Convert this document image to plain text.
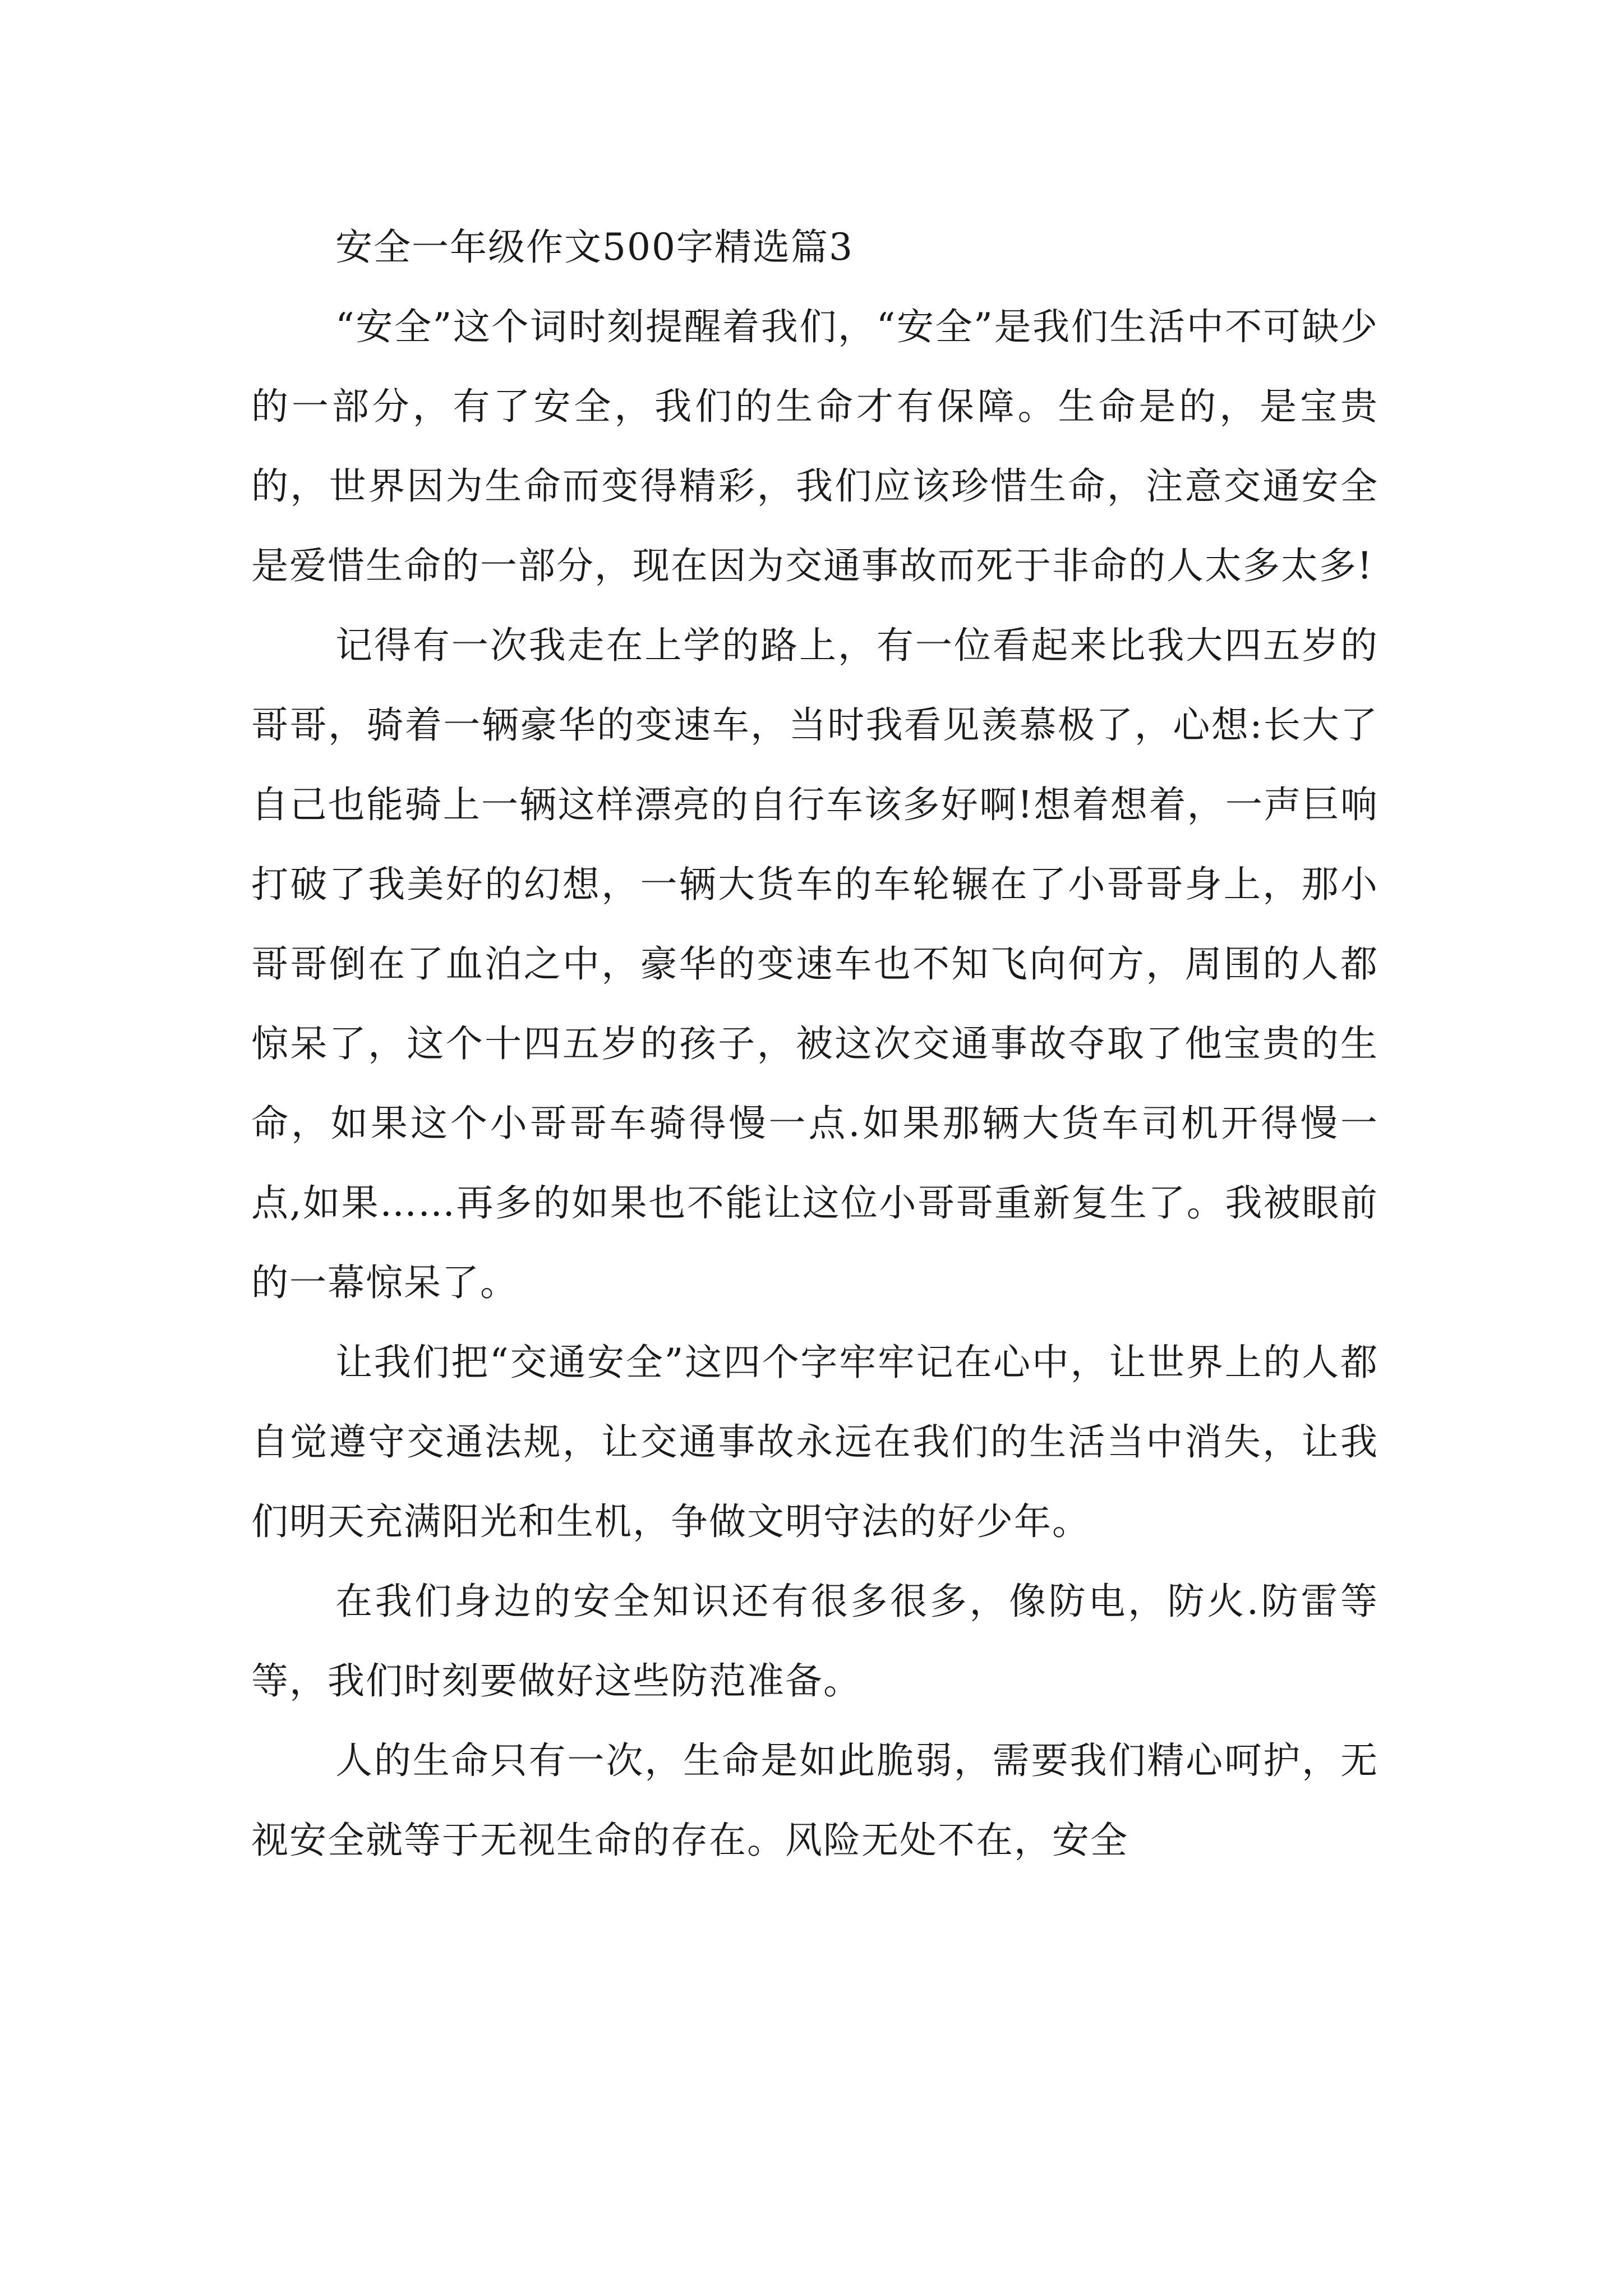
安全一年级作文500字精选篇3

“安全”这个词时刻提醒着我们，“安全”是我们生活中不可缺少的一部分，有了安全，我们的生命才有保障。生命是的，是宝贵的，世界因为生命而变得精彩，我们应该珍惜生命，注意交通安全是爱惜生命的一部分，现在因为交通事故而死于非命的人太多太多!

记得有一次我走在上学的路上，有一位看起来比我大四五岁的哥哥，骑着一辆豪华的变速车，当时我看见羡慕极了，心想:长大了自己也能骑上一辆这样漂亮的自行车该多好啊!想着想着，一声巨响打破了我美好的幻想，一辆大货车的车轮辗在了小哥哥身上，那小哥哥倒在了血泊之中，豪华的变速车也不知飞向何方，周围的人都惊呆了，这个十四五岁的孩子，被这次交通事故夺取了他宝贵的生命，如果这个小哥哥车骑得慢一点.如果那辆大货车司机开得慢一点,如果……再多的如果也不能让这位小哥哥重新复生了。我被眼前的一幕惊呆了。

让我们把“交通安全”这四个字牢牢记在心中，让世界上的人都自觉遵守交通法规，让交通事故永远在我们的生活当中消失，让我们明天充满阳光和生机，争做文明守法的好少年。

在我们身边的安全知识还有很多很多，像防电，防火.防雷等等，我们时刻要做好这些防范准备。

人的生命只有一次，生命是如此脆弱，需要我们精心呵护，无视安全就等于无视生命的存在。风险无处不在，安全
